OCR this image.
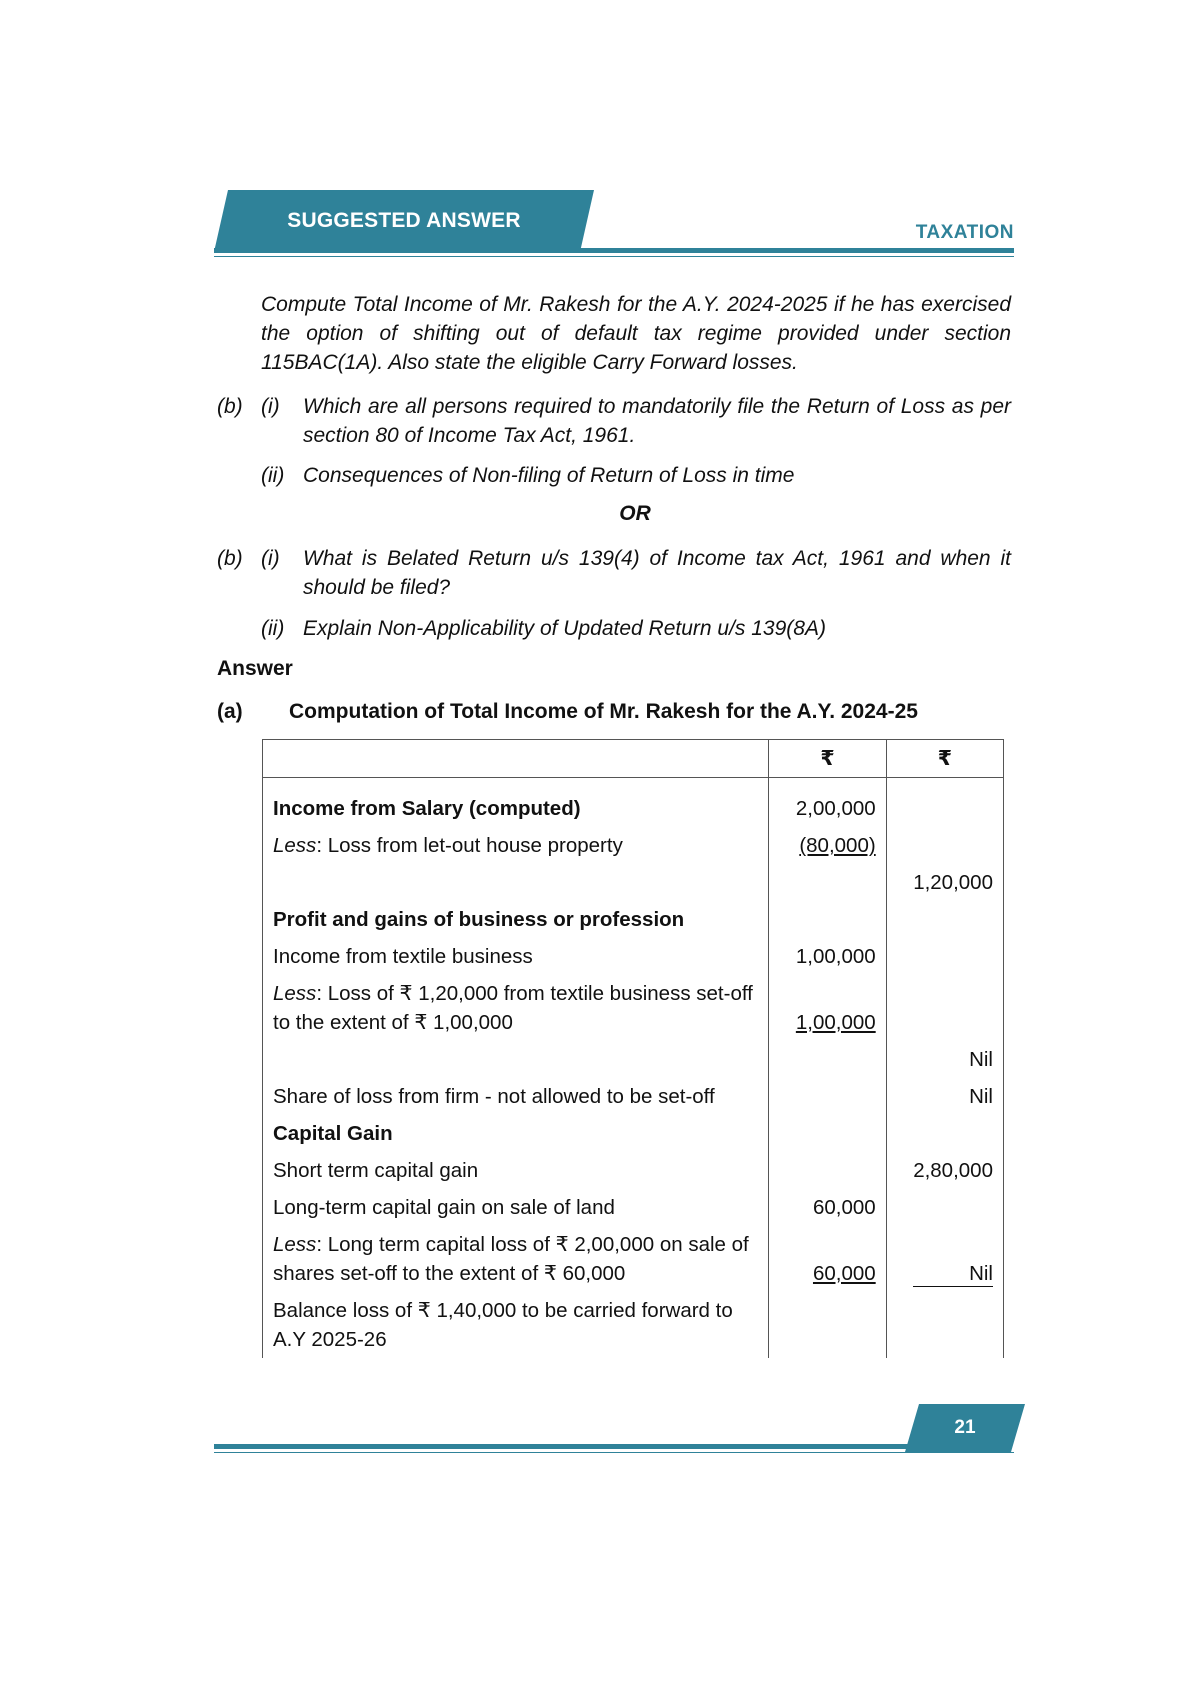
SUGGESTED ANSWER
TAXATION
Compute Total Income of Mr. Rakesh for the A.Y. 2024-2025 if he has exercised the option of shifting out of default tax regime provided under section 115BAC(1A). Also state the eligible Carry Forward losses.
(b) (i) Which are all persons required to mandatorily file the Return of Loss as per section 80 of Income Tax Act, 1961.
(ii) Consequences of Non-filing of Return of Loss in time
OR
(b) (i) What is Belated Return u/s 139(4) of Income tax Act, 1961 and when it should be filed?
(ii) Explain Non-Applicability of Updated Return u/s 139(8A)
Answer
(a) Computation of Total Income of Mr. Rakesh for the A.Y. 2024-25
	₹	₹

Income from Salary (computed)	2,00,000	
Less: Loss from let-out house property	(80,000)	
		1,20,000
Profit and gains of business or profession		
Income from textile business	1,00,000	
Less: Loss of ₹ 1,20,000 from textile business set-off to the extent of ₹ 1,00,000	1,00,000	
		Nil
Share of loss from firm - not allowed to be set-off		Nil
Capital Gain		
Short term capital gain		2,80,000
Long-term capital gain on sale of land	60,000	
Less: Long term capital loss of ₹ 2,00,000 on sale of shares set-off to the extent of ₹ 60,000	60,000	Nil
Balance loss of ₹ 1,40,000 to be carried forward to A.Y 2025-26		
21
